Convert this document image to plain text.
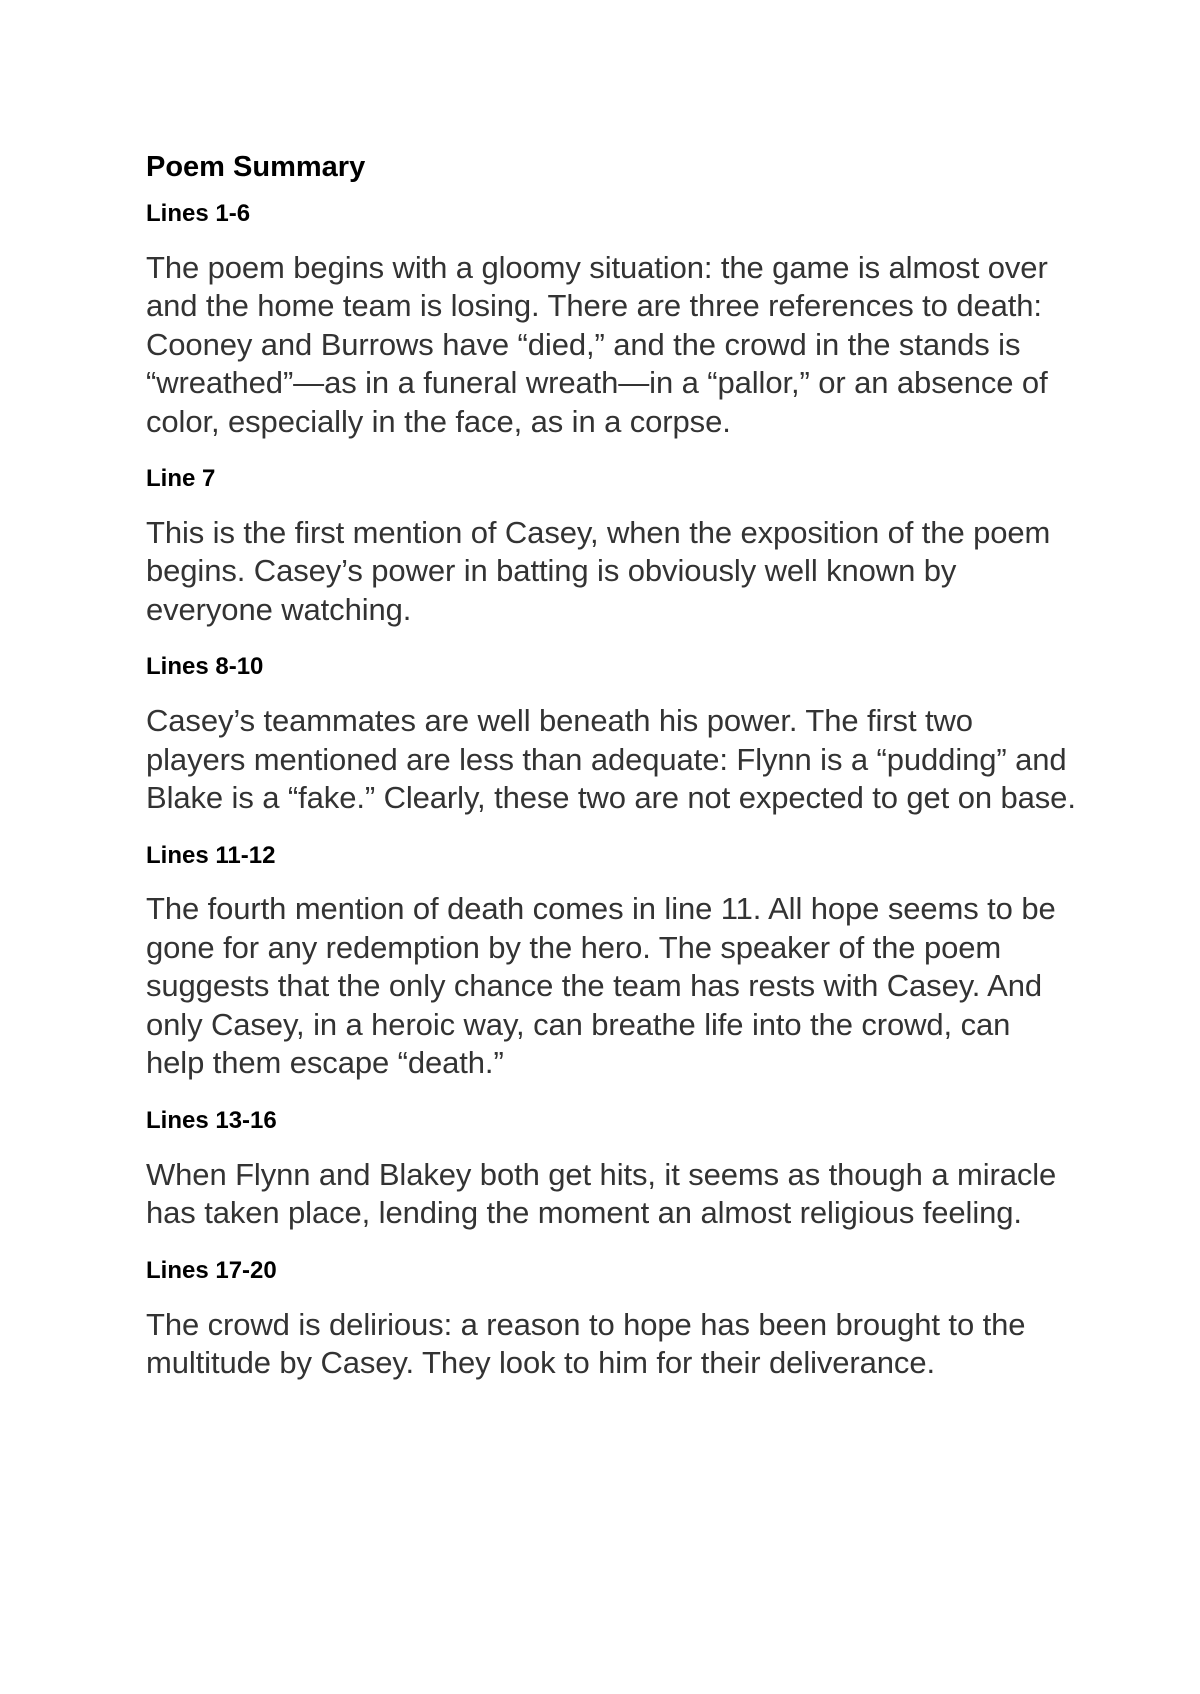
Poem Summary
Lines 1-6
The poem begins with a gloomy situation: the game is almost over and the home team is losing. There are three references to death: Cooney and Burrows have “died,” and the crowd in the stands is “wreathed”—as in a funeral wreath—in a “pallor,” or an absence of color, especially in the face, as in a corpse.
Line 7
This is the first mention of Casey, when the exposition of the poem begins. Casey’s power in batting is obviously well known by everyone watching.
Lines 8-10
Casey’s teammates are well beneath his power. The first two players mentioned are less than adequate: Flynn is a “pudding” and Blake is a “fake.” Clearly, these two are not expected to get on base.
Lines 11-12
The fourth mention of death comes in line 11. All hope seems to be gone for any redemption by the hero. The speaker of the poem suggests that the only chance the team has rests with Casey. And only Casey, in a heroic way, can breathe life into the crowd, can help them escape “death.”
Lines 13-16
When Flynn and Blakey both get hits, it seems as though a miracle has taken place, lending the moment an almost religious feeling.
Lines 17-20
The crowd is delirious: a reason to hope has been brought to the multitude by Casey. They look to him for their deliverance.
